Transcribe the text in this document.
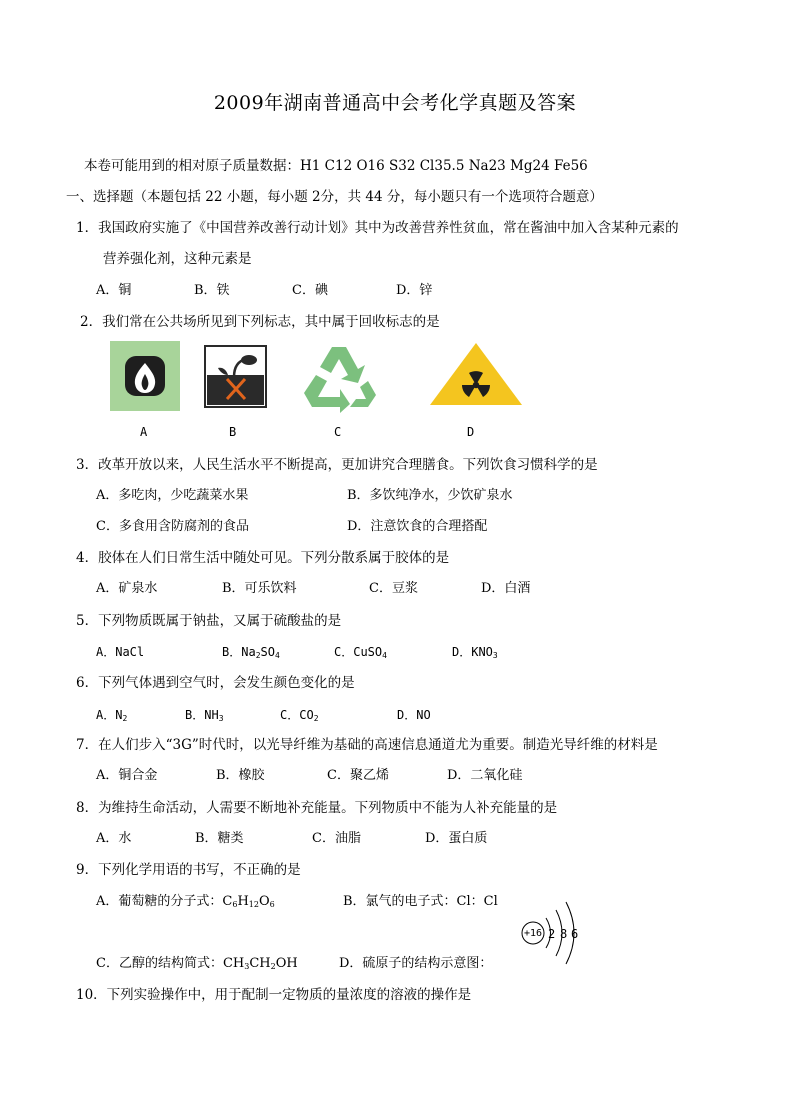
2009年湖南普通高中会考化学真题及答案
本卷可能用到的相对原子质量数据：H1 C12 O16 S32 Cl35.5 Na23 Mg24 Fe56
一、选择题（本题包括 22 小题，每小题 2分，共 44 分，每小题只有一个选项符合题意）
1．我国政府实施了《中国营养改善行动计划》其中为改善营养性贫血，常在酱油中加入含某种元素的
营养强化剂，这种元素是
A．铜	B．铁	C．碘	D．锌
2．我们常在公共场所见到下列标志，其中属于回收标志的是
A	B	C	D
3．改革开放以来，人民生活水平不断提高，更加讲究合理膳食。下列饮食习惯科学的是
A．多吃肉，少吃蔬菜水果	B．多饮纯净水，少饮矿泉水
C．多食用含防腐剂的食品	D．注意饮食的合理搭配
4．胶体在人们日常生活中随处可见。下列分散系属于胶体的是
A．矿泉水	B．可乐饮料	C．豆浆	D．白酒
5．下列物质既属于钠盐，又属于硫酸盐的是
A．NaCl	B．$Na_2SO_4$	C．CuSO$_4$	D．$KNO_3$
6．下列气体遇到空气时，会发生颜色变化的是
A．$N_2$	B．$NH_3$	C．$CO_2$	D．NO
7．在人们步入“3G”时代时，以光导纤维为基础的高速信息通道尤为重要。制造光导纤维的材料是
A．铜合金	B．橡胶	C．聚乙烯	D．二氧化硅
8．为维持生命活动，人需要不断地补充能量。下列物质中不能为人补充能量的是
A．水	B．糖类	C．油脂	D．蛋白质
9．下列化学用语的书写，不正确的是
A．葡萄糖的分子式：$C_6H_{12}O_6$	B．氯气的电子式：Cl：Cl
+16 2 8 6
C．乙醇的结构简式：$CH_3CH_2OH$	D．硫原子的结构示意图：
10．下列实验操作中，用于配制一定物质的量浓度的溶液的操作是
